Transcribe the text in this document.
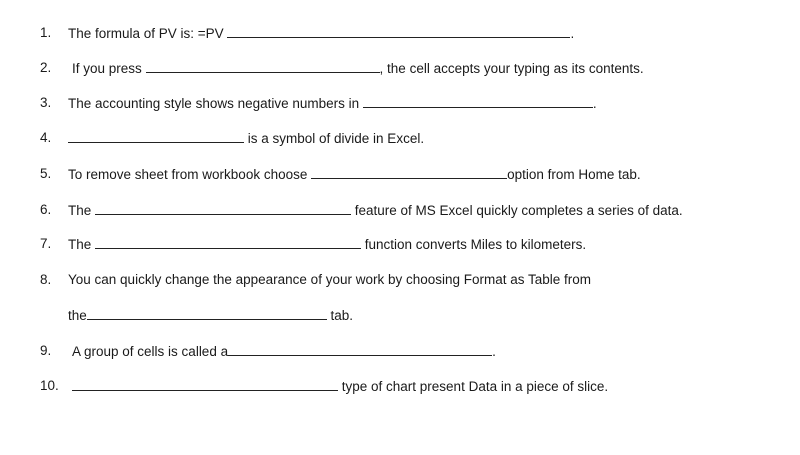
1.	The formula of PV is: =PV	.
2.	If you press	, the cell accepts your typing as its contents.
3.	The accounting style shows negative numbers in	.
4.	is a symbol of divide in Excel.
5.	To remove sheet from workbook choose	option from Home tab.
6.	The	feature of MS Excel quickly completes a series of data.
7.	The	function converts Miles to kilometers.
8.	You can quickly change the appearance of your work by choosing Format as Table from
the	tab.
9.	A group of cells is called a	.
10.	type of chart present Data in a piece of slice.
